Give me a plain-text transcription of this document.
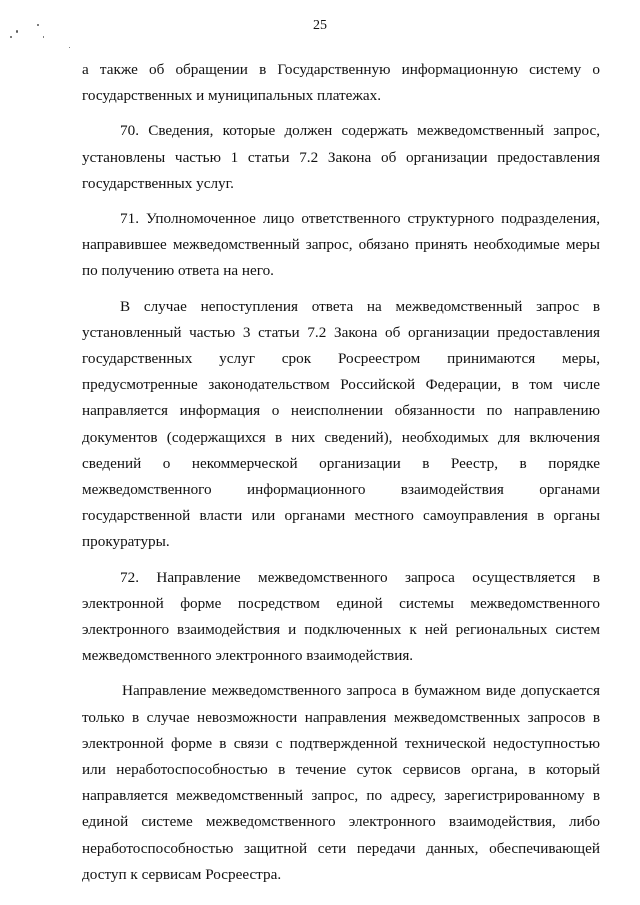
25

а также об обращении в Государственную информационную систему о государственных и муниципальных платежах.

70. Сведения, которые должен содержать межведомственный запрос, установлены частью 1 статьи 7.2 Закона об организации предоставления государственных услуг.

71. Уполномоченное лицо ответственного структурного подразделения, направившее межведомственный запрос, обязано принять необходимые меры по получению ответа на него.

В случае непоступления ответа на межведомственный запрос в установленный частью 3 статьи 7.2 Закона об организации предоставления государственных услуг срок Росреестром принимаются меры, предусмотренные законодательством Российской Федерации, в том числе направляется информация о неисполнении обязанности по направлению документов (содержащихся в них сведений), необходимых для включения сведений о некоммерческой организации в Реестр, в порядке межведомственного информационного взаимодействия органами государственной власти или органами местного самоуправления в органы прокуратуры.

72. Направление межведомственного запроса осуществляется в электронной форме посредством единой системы межведомственного электронного взаимодействия и подключенных к ней региональных систем межведомственного электронного взаимодействия.

Направление межведомственного запроса в бумажном виде допускается только в случае невозможности направления межведомственных запросов в электронной форме в связи с подтвержденной технической недоступностью или неработоспособностью в течение суток сервисов органа, в который направляется межведомственный запрос, по адресу, зарегистрированному в единой системе межведомственного электронного взаимодействия, либо неработоспособностью защитной сети передачи данных, обеспечивающей доступ к сервисам Росреестра.
